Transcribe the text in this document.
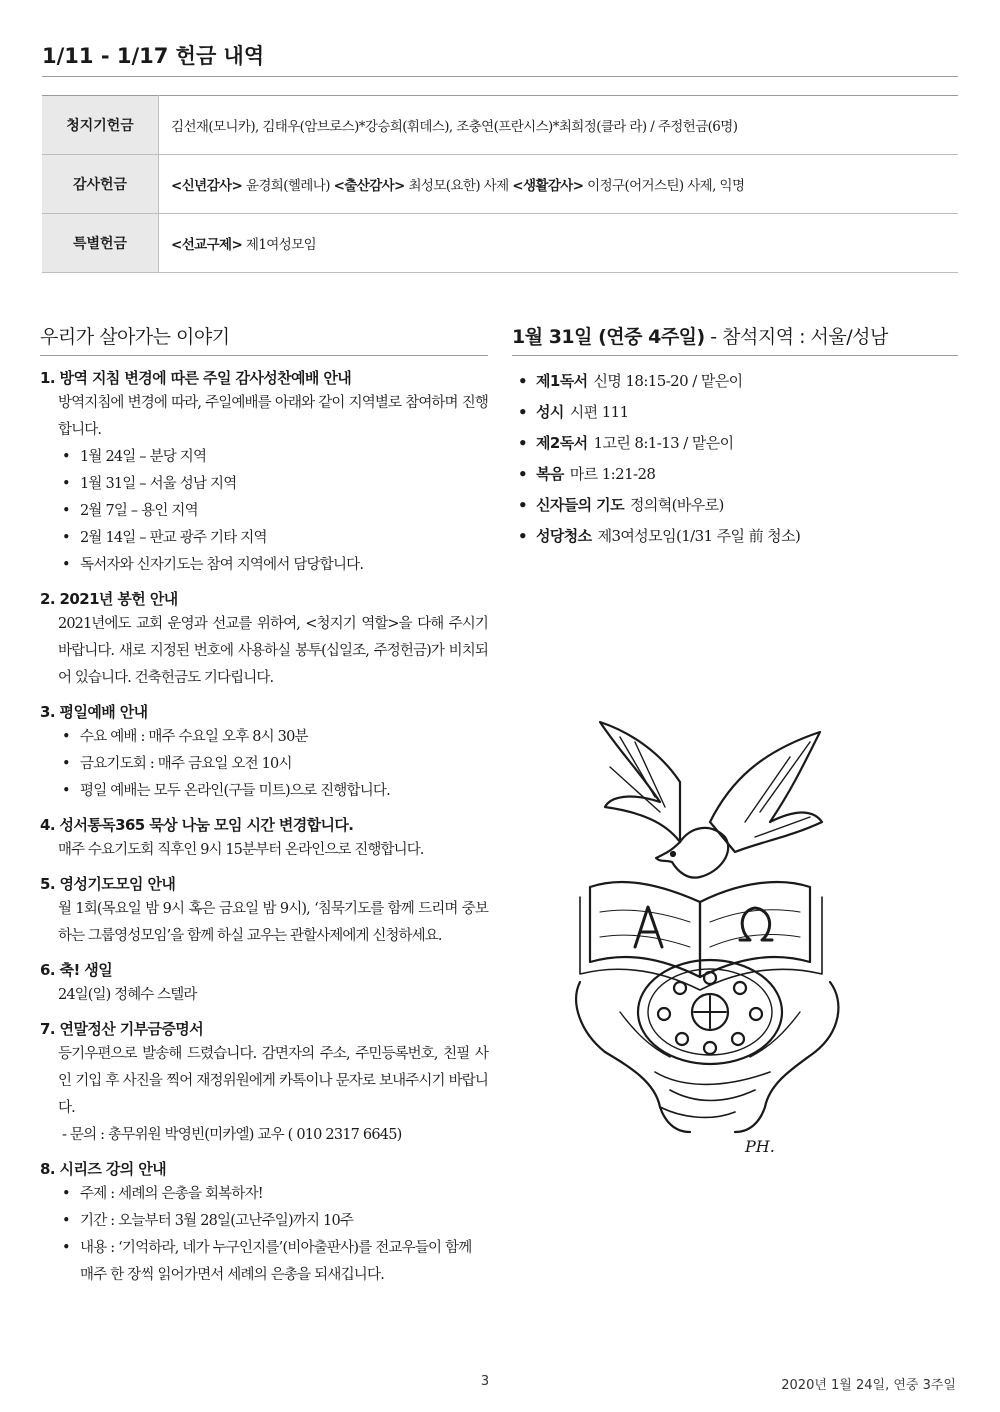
1/11 - 1/17 헌금 내역
청지기헌금	김선재(모니카), 김태우(암브로스)*강승희(휘데스), 조충연(프란시스)*최희정(클라 라) / 주정헌금(6명)
감사헌금	<신년감사> 윤경희(헬레나) <출산감사> 최성모(요한) 사제 <생활감사> 이정구(어거스틴) 사제, 익명
특별헌금	<선교구제> 제1여성모임
우리가 살아가는 이야기
1. 방역 지침 변경에 따른 주일 감사성찬예배 안내
방역지침에 변경에 따라, 주일예배를 아래와 같이 지역별로 참여하며 진행합니다.
• 1월 24일 – 분당 지역
• 1월 31일 – 서울 성남 지역
• 2월 7일 – 용인 지역
• 2월 14일 – 판교 광주 기타 지역
• 독서자와 신자기도는 참여 지역에서 담당합니다.
2. 2021년 봉헌 안내
2021년에도 교회 운영과 선교를 위하여, <청지기 역할>을 다해 주시기 바랍니다. 새로 지정된 번호에 사용하실 봉투(십일조, 주정헌금)가 비치되어 있습니다. 건축헌금도 기다립니다.
3. 평일예배 안내
• 수요 예배 : 매주 수요일 오후 8시 30분
• 금요기도회 : 매주 금요일 오전 10시
• 평일 예배는 모두 온라인(구들 미트)으로 진행합니다.
4. 성서통독365 묵상 나눔 모임 시간 변경합니다.
매주 수요기도회 직후인 9시 15분부터 온라인으로 진행합니다.
5. 영성기도모임 안내
월 1회(목요일 밤 9시 혹은 금요일 밤 9시), ‘침묵기도를 함께 드리며 중보하는 그룹영성모임’을 함께 하실 교우는 관할사제에게 신청하세요.
6. 축! 생일
24일(일) 정혜수 스텔라
7. 연말정산 기부금증명서
등기우편으로 발송해 드렸습니다. 감면자의 주소, 주민등록번호, 친필 사인 기입 후 사진을 찍어 재정위원에게 카톡이나 문자로 보내주시기 바랍니다.
- 문의 : 총무위원 박영빈(미카엘) 교우 ( 010 2317 6645)
8. 시리즈 강의 안내
• 주제 : 세례의 은총을 회복하자!
• 기간 : 오늘부터 3월 28일(고난주일)까지 10주
• 내용 : ‘기억하라, 네가 누구인지를’(비아출판사)를 전교우들이 함께 매주 한 장씩 읽어가면서 세례의 은총을 되새깁니다.
1월 31일 (연중 4주일) - 참석지역 : 서울/성남
• 제1독서 신명 18:15-20 / 맡은이
• 성시 시편 111
• 제2독서 1고린 8:1-13 / 맡은이
• 복음 마르 1:21-28
• 신자들의 기도 정의혁(바우로)
• 성당청소 제3여성모임(1/31 주일 前 청소)
PH.
3	2020년 1월 24일, 연중 3주일
